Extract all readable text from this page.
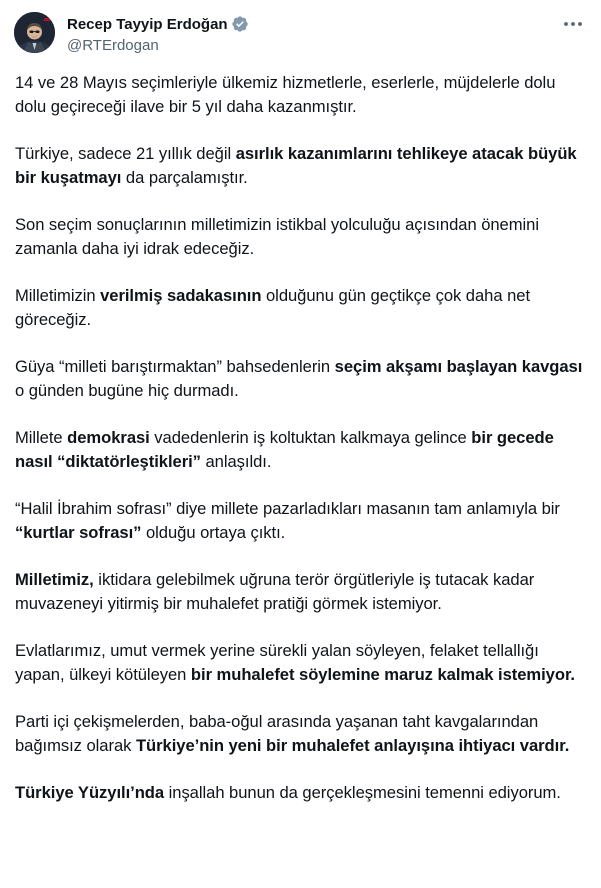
Recep Tayyip Erdoğan
@RTErdogan

14 ve 28 Mayıs seçimleriyle ülkemiz hizmetlerle, eserlerle, müjdelerle dolu dolu geçireceği ilave bir 5 yıl daha kazanmıştır.

Türkiye, sadece 21 yıllık değil asırlık kazanımlarını tehlikeye atacak büyük bir kuşatmayı da parçalamıştır.

Son seçim sonuçlarının milletimizin istikbal yolculuğu açısından önemini zamanla daha iyi idrak edeceğiz.

Milletimizin verilmiş sadakasının olduğunu gün geçtikçe çok daha net göreceğiz.

Güya “milleti barıştırmaktan” bahsedenlerin seçim akşamı başlayan kavgası o günden bugüne hiç durmadı.

Millete demokrasi vadedenlerin iş koltuktan kalkmaya gelince bir gecede nasıl “diktatörleştikleri” anlaşıldı.

“Halil İbrahim sofrası” diye millete pazarladıkları masanın tam anlamıyla bir “kurtlar sofrası” olduğu ortaya çıktı.

Milletimiz, iktidara gelebilmek uğruna terör örgütleriyle iş tutacak kadar muvazeneyi yitirmiş bir muhalefet pratiği görmek istemiyor.

Evlatlarımız, umut vermek yerine sürekli yalan söyleyen, felaket tellallığı yapan, ülkeyi kötüleyen bir muhalefet söylemine maruz kalmak istemiyor.

Parti içi çekişmelerden, baba-oğul arasında yaşanan taht kavgalarından bağımsız olarak Türkiye’nin yeni bir muhalefet anlayışına ihtiyacı vardır.

Türkiye Yüzyılı’nda inşallah bunun da gerçekleşmesini temenni ediyorum.
